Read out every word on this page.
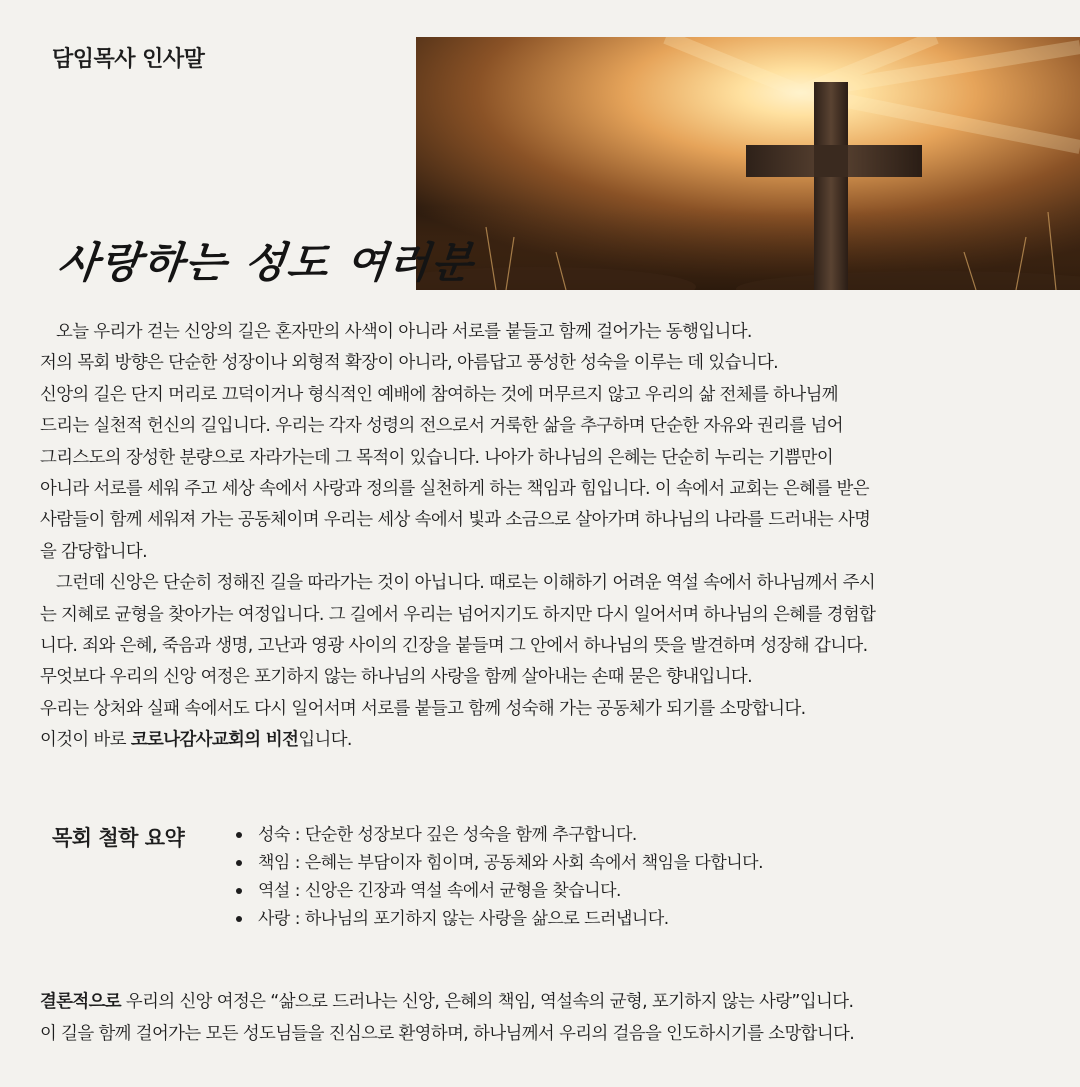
담임목사 인사말
사랑하는 성도 여러분
오늘 우리가 걷는 신앙의 길은 혼자만의 사색이 아니라 서로를 붙들고 함께 걸어가는 동행입니다.
저의 목회 방향은 단순한 성장이나 외형적 확장이 아니라, 아름답고 풍성한 성숙을 이루는 데 있습니다.
신앙의 길은 단지 머리로 끄덕이거나 형식적인 예배에 참여하는 것에 머무르지 않고 우리의 삶 전체를 하나님께
드리는 실천적 헌신의 길입니다. 우리는 각자 성령의 전으로서 거룩한 삶을 추구하며 단순한 자유와 권리를 넘어
그리스도의 장성한 분량으로 자라가는데 그 목적이 있습니다. 나아가 하나님의 은혜는 단순히 누리는 기쁨만이
아니라 서로를 세워 주고 세상 속에서 사랑과 정의를 실천하게 하는 책임과 힘입니다. 이 속에서 교회는 은혜를 받은
사람들이 함께 세워져 가는 공동체이며 우리는 세상 속에서 빛과 소금으로 살아가며 하나님의 나라를 드러내는 사명
을 감당합니다.
그런데 신앙은 단순히 정해진 길을 따라가는 것이 아닙니다. 때로는 이해하기 어려운 역설 속에서 하나님께서 주시
는 지혜로 균형을 찾아가는 여정입니다. 그 길에서 우리는 넘어지기도 하지만 다시 일어서며 하나님의 은혜를 경험합
니다. 죄와 은혜, 죽음과 생명, 고난과 영광 사이의 긴장을 붙들며 그 안에서 하나님의 뜻을 발견하며 성장해 갑니다.
무엇보다 우리의 신앙 여정은 포기하지 않는 하나님의 사랑을 함께 살아내는 손때 묻은 향내입니다.
우리는 상처와 실패 속에서도 다시 일어서며 서로를 붙들고 함께 성숙해 가는 공동체가 되기를 소망합니다.
이것이 바로 코로나감사교회의 비전입니다.
목회 철학 요약	성숙 : 단순한 성장보다 깊은 성숙을 함께 추구합니다.
책임 : 은혜는 부담이자 힘이며, 공동체와 사회 속에서 책임을 다합니다.
역설 : 신앙은 긴장과 역설 속에서 균형을 찾습니다.
사랑 : 하나님의 포기하지 않는 사랑을 삶으로 드러냅니다.
결론적으로 우리의 신앙 여정은 “삶으로 드러나는 신앙, 은혜의 책임, 역설속의 균형, 포기하지 않는 사랑”입니다.
이 길을 함께 걸어가는 모든 성도님들을 진심으로 환영하며, 하나님께서 우리의 걸음을 인도하시기를 소망합니다.
